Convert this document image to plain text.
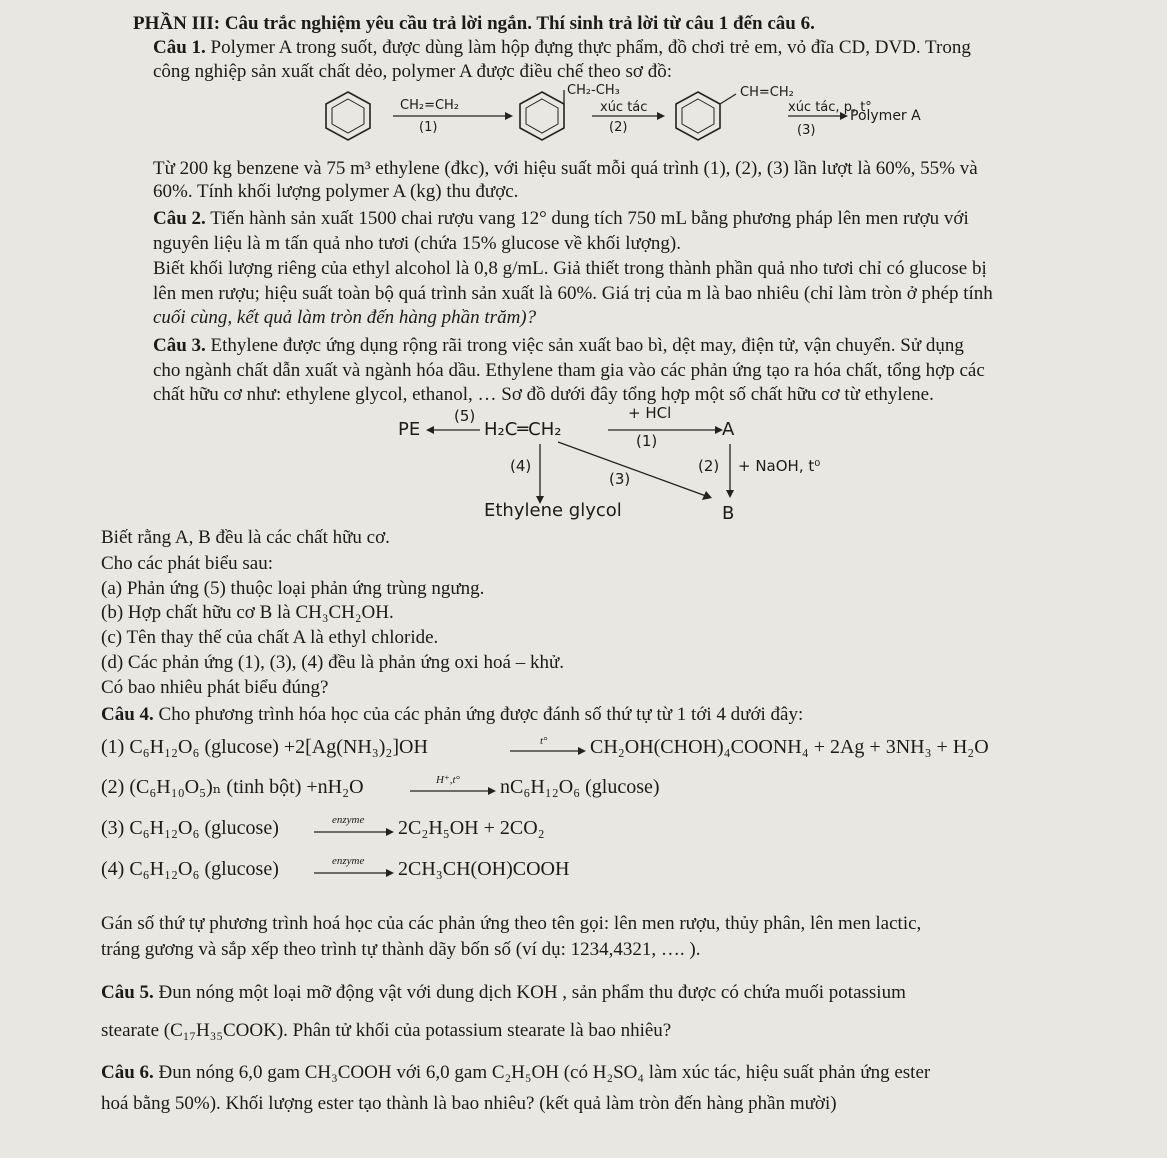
PHẦN III: Câu trắc nghiệm yêu cầu trả lời ngắn. Thí sinh trả lời từ câu 1 đến câu 6.
Câu 1. Polymer A trong suốt, được dùng làm hộp đựng thực phẩm, đồ chơi trẻ em, vỏ đĩa CD, DVD. Trong
công nghiệp sản xuất chất dẻo, polymer A được điều chế theo sơ đồ:
CH₂=CH₂
(1)
CH₂-CH₃
xúc tác
(2)
CH=CH₂
xúc tác, p, t°
(3)
Polymer A
Từ 200 kg benzene và 75 m³ ethylene (đkc), với hiệu suất mỗi quá trình (1), (2), (3) lần lượt là 60%, 55% và
60%. Tính khối lượng polymer A (kg) thu được.
Câu 2. Tiến hành sản xuất 1500 chai rượu vang 12° dung tích 750 mL bằng phương pháp lên men rượu với
nguyên liệu là m tấn quả nho tươi (chứa 15% glucose về khối lượng).
Biết khối lượng riêng của ethyl alcohol là 0,8 g/mL. Giả thiết trong thành phần quả nho tươi chỉ có glucose bị
lên men rượu; hiệu suất toàn bộ quá trình sản xuất là 60%. Giá trị của m là bao nhiêu (chỉ làm tròn ở phép tính
cuối cùng, kết quả làm tròn đến hàng phần trăm)?
Câu 3. Ethylene được ứng dụng rộng rãi trong việc sản xuất bao bì, dệt may, điện tử, vận chuyển. Sử dụng
cho ngành chất dẫn xuất và ngành hóa dầu. Ethylene tham gia vào các phản ứng tạo ra hóa chất, tổng hợp các
chất hữu cơ như: ethylene glycol, ethanol, … Sơ đồ dưới đây tổng hợp một số chất hữu cơ từ ethylene.
PE
(5)
H₂C═CH₂
+ HCl
(1)
A
(4)
(3)
(2) + NaOH, t⁰
Ethylene glycol	B
Biết rằng A, B đều là các chất hữu cơ.
Cho các phát biểu sau:
(a) Phản ứng (5) thuộc loại phản ứng trùng ngưng.
(b) Hợp chất hữu cơ B là CH₃CH₂OH.
(c) Tên thay thế của chất A là ethyl chloride.
(d) Các phản ứng (1), (3), (4) đều là phản ứng oxi hoá – khử.
Có bao nhiêu phát biểu đúng?
Câu 4. Cho phương trình hóa học của các phản ứng được đánh số thứ tự từ 1 tới 4 dưới đây:
(1) C₆H₁₂O₆ (glucose) +2[Ag(NH₃)₂]OH	t° CH₂OH(CHOH)₄COONH₄ + 2Ag + 3NH₃ + H₂O
(2) (C₆H₁₀O₅)ₙ (tinh bột) +nH₂O	H⁺,t° nC₆H₁₂O₆ (glucose)
(3) C₆H₁₂O₆ (glucose)	enzyme 2C₂H₅OH + 2CO₂
(4) C₆H₁₂O₆ (glucose)	enzyme 2CH₃CH(OH)COOH
Gán số thứ tự phương trình hoá học của các phản ứng theo tên gọi: lên men rượu, thủy phân, lên men lactic,
tráng gương và sắp xếp theo trình tự thành dãy bốn số (ví dụ: 1234,4321, …. ).
Câu 5. Đun nóng một loại mỡ động vật với dung dịch KOH , sản phẩm thu được có chứa muối potassium
stearate (C₁₇H₃₅COOK). Phân tử khối của potassium stearate là bao nhiêu?
Câu 6. Đun nóng 6,0 gam CH₃COOH với 6,0 gam C₂H₅OH (có H₂SO₄ làm xúc tác, hiệu suất phản ứng ester
hoá bằng 50%). Khối lượng ester tạo thành là bao nhiêu? (kết quả làm tròn đến hàng phần mười)
